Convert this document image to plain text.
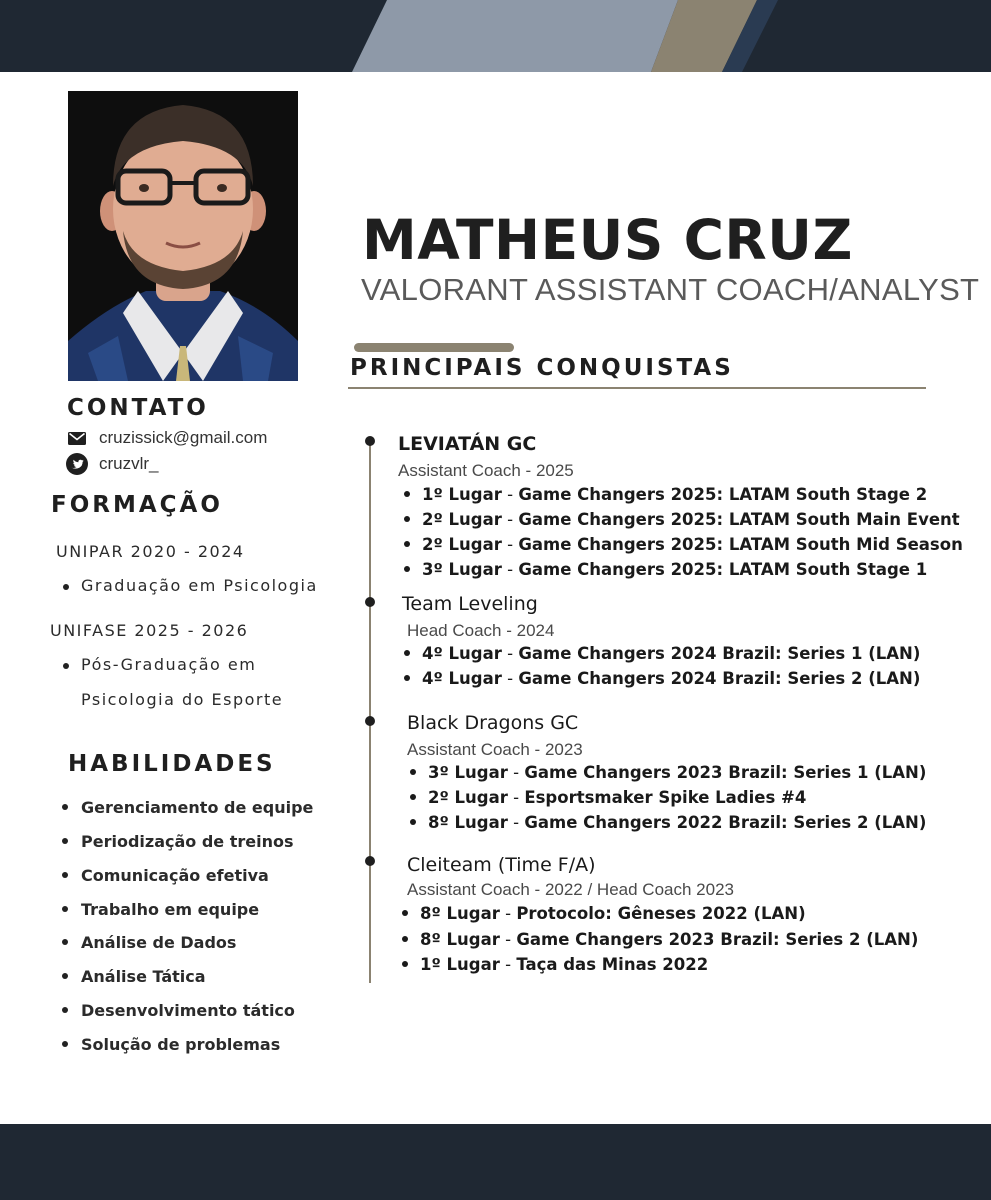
MATHEUS CRUZ
VALORANT ASSISTANT COACH/ANALYST
CONTATO
cruzissick@gmail.com
cruzvlr_
FORMAÇÃO
UNIPAR 2020 - 2024
Graduação em Psicologia
UNIFASE 2025 - 2026
Pós-Graduação em
Psicologia do Esporte
HABILIDADES
Gerenciamento de equipe
Periodização de treinos
Comunicação efetiva
Trabalho em equipe
Análise de Dados
Análise Tática
Desenvolvimento tático
Solução de problemas
PRINCIPAIS CONQUISTAS
LEVIATÁN GC
Assistant Coach - 2025
1º Lugar - Game Changers 2025: LATAM South Stage 2
2º Lugar - Game Changers 2025: LATAM South Main Event
2º Lugar - Game Changers 2025: LATAM South Mid Season
3º Lugar - Game Changers 2025: LATAM South Stage 1
Team Leveling
Head Coach - 2024
4º Lugar - Game Changers 2024 Brazil: Series 1 (LAN)
4º Lugar - Game Changers 2024 Brazil: Series 2 (LAN)
Black Dragons GC
Assistant Coach - 2023
3º Lugar - Game Changers 2023 Brazil: Series 1 (LAN)
2º Lugar - Esportsmaker Spike Ladies #4
8º Lugar - Game Changers 2022 Brazil: Series 2 (LAN)
Cleiteam (Time F/A)
Assistant Coach - 2022 / Head Coach 2023
8º Lugar - Protocolo: Gêneses 2022 (LAN)
8º Lugar - Game Changers 2023 Brazil: Series 2 (LAN)
1º Lugar - Taça das Minas 2022
